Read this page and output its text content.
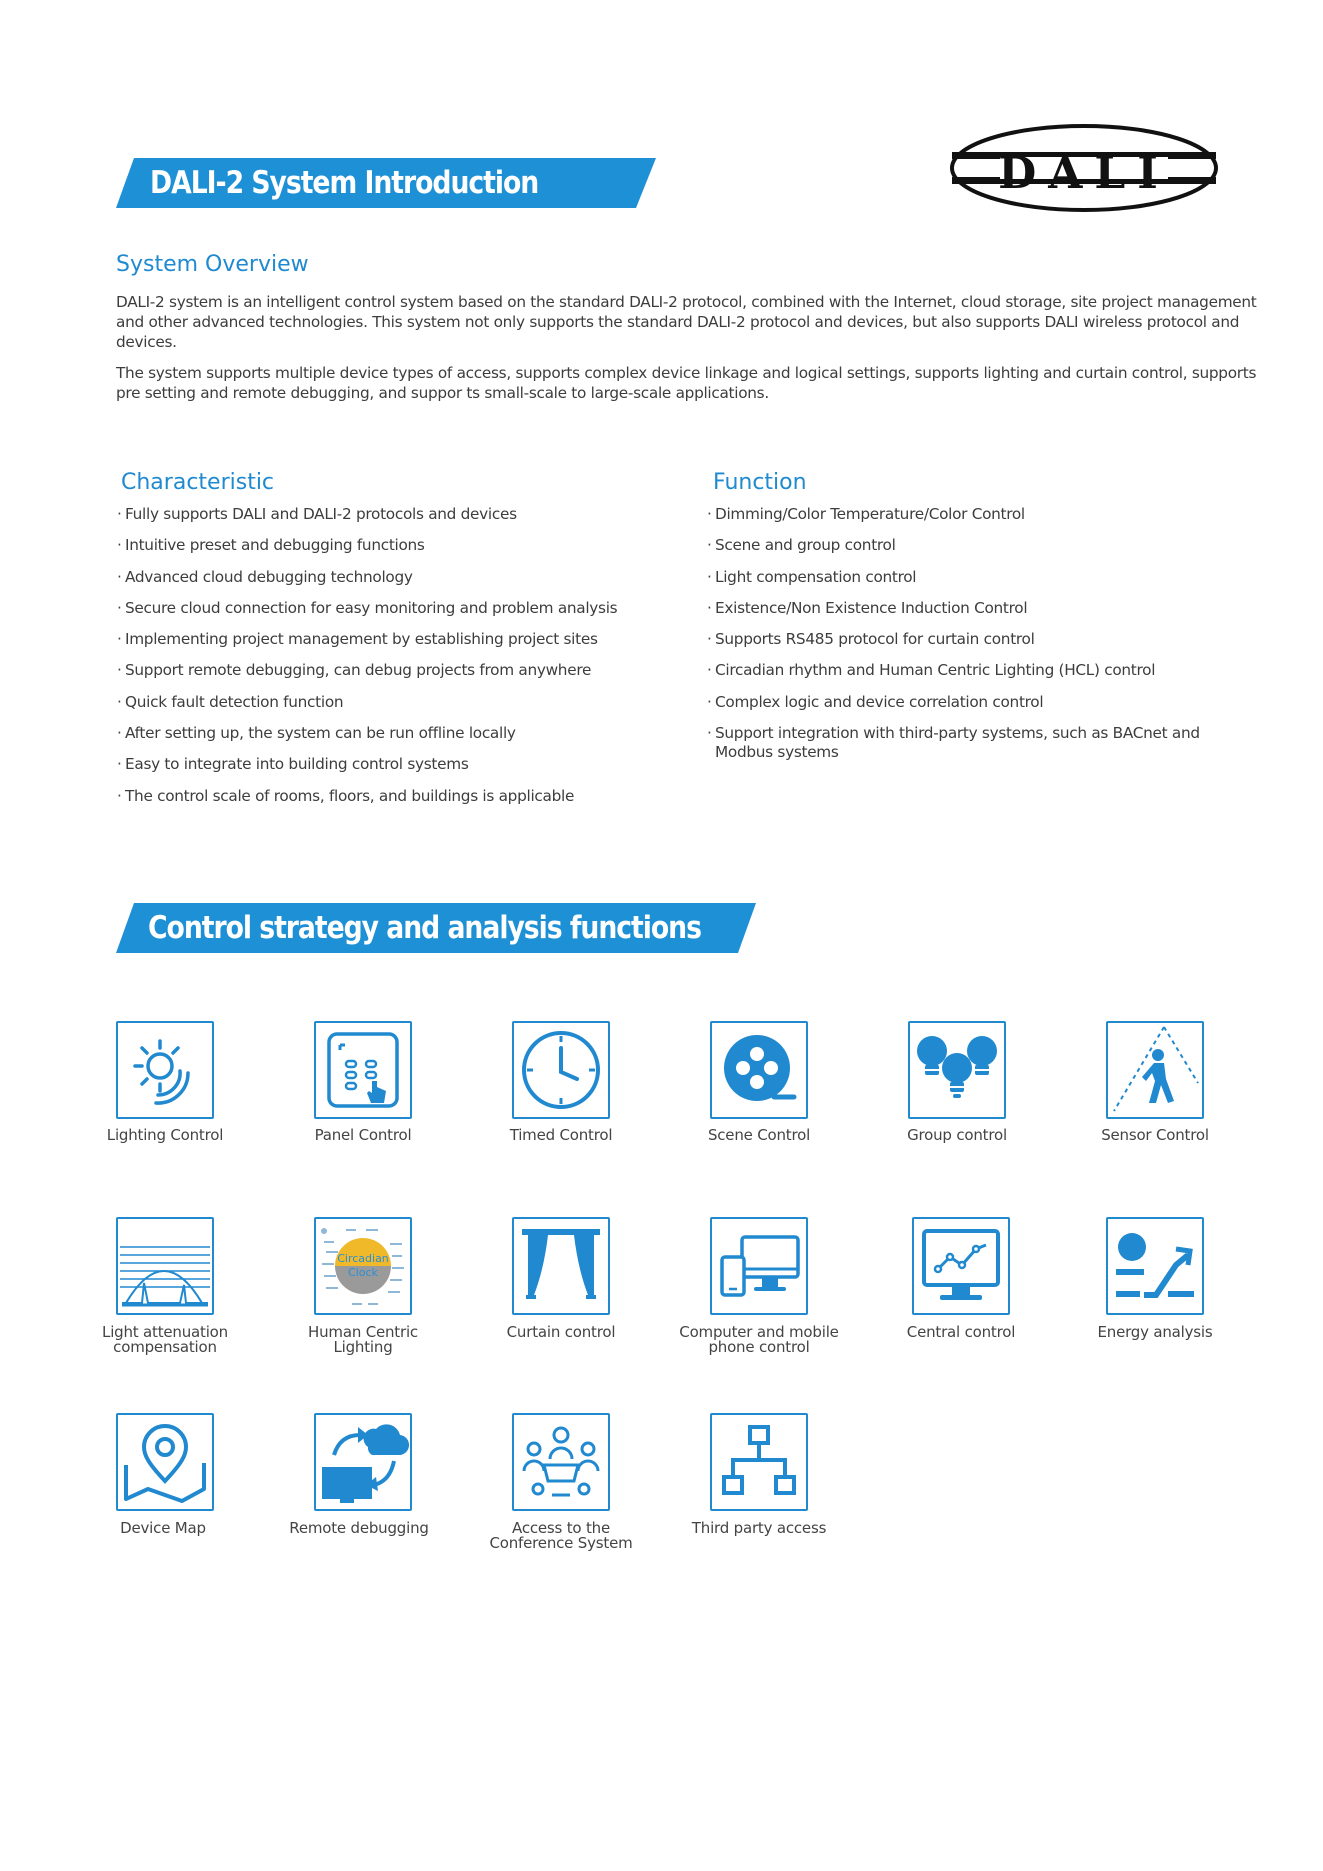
DALI-2 System Introduction	DALI
System Overview

DALI-2 system is an intelligent control system based on the standard DALI-2 protocol, combined with the Internet, cloud storage, site project management and other advanced technologies. This system not only supports the standard DALI-2 protocol and devices, but also supports DALI wireless protocol and devices.

The system supports multiple device types of access, supports complex device linkage and logical settings, supports lighting and curtain control, supports pre setting and remote debugging, and suppor ts small-scale to large-scale applications.

Characteristic
· Fully supports DALI and DALI-2 protocols and devices
· Intuitive preset and debugging functions
· Advanced cloud debugging technology
· Secure cloud connection for easy monitoring and problem analysis
· Implementing project management by establishing project sites
· Support remote debugging, can debug projects from anywhere
· Quick fault detection function
· After setting up, the system can be run offline locally
· Easy to integrate into building control systems
· The control scale of rooms, floors, and buildings is applicable
Function
· Dimming/Color Temperature/Color Control
· Scene and group control
· Light compensation control
· Existence/Non Existence Induction Control
· Supports RS485 protocol for curtain control
· Circadian rhythm and Human Centric Lighting (HCL) control
· Complex logic and device correlation control
· Support integration with third-party systems, such as BACnet and Modbus systems
Control strategy and analysis functions
Lighting Control	Panel Control	Timed Control	Scene Control	Group control	Sensor Control
Circadian
Clock
Light attenuation
compensation
Human Centric
Lighting
Curtain control	Computer and mobile
phone control
Central control	Energy analysis
Device Map	Remote debugging	Access to the
Conference System
Third party access
